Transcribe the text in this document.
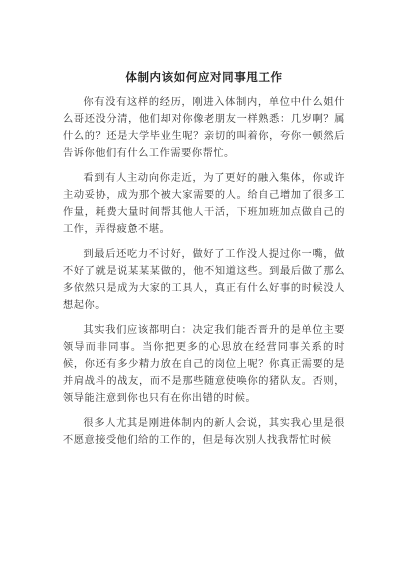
体制内该如何应对同事甩工作

你有没有这样的经历，刚进入体制内，单位中什么姐什么哥还没分清，他们却对你像老朋友一样熟悉：几岁啊？属什么的？还是大学毕业生呢？亲切的叫着你，夸你一顿然后告诉你他们有什么工作需要你帮忙。

看到有人主动向你走近，为了更好的融入集体，你或许主动妥协，成为那个被大家需要的人。给自己增加了很多工作量，耗费大量时间帮其他人干活，下班加班加点做自己的工作，弄得疲惫不堪。

到最后还吃力不讨好，做好了工作没人提过你一嘴，做不好了就是说某某某做的，他不知道这些。到最后做了那么多依然只是成为大家的工具人，真正有什么好事的时候没人想起你。

其实我们应该都明白：决定我们能否晋升的是单位主要领导而非同事。当你把更多的心思放在经营同事关系的时候，你还有多少精力放在自己的岗位上呢？你真正需要的是并肩战斗的战友，而不是那些随意使唤你的猪队友。否则，领导能注意到你也只有在你出错的时候。

很多人尤其是刚进体制内的新人会说，其实我心里是很不愿意接受他们给的工作的，但是每次别人找我帮忙时候
